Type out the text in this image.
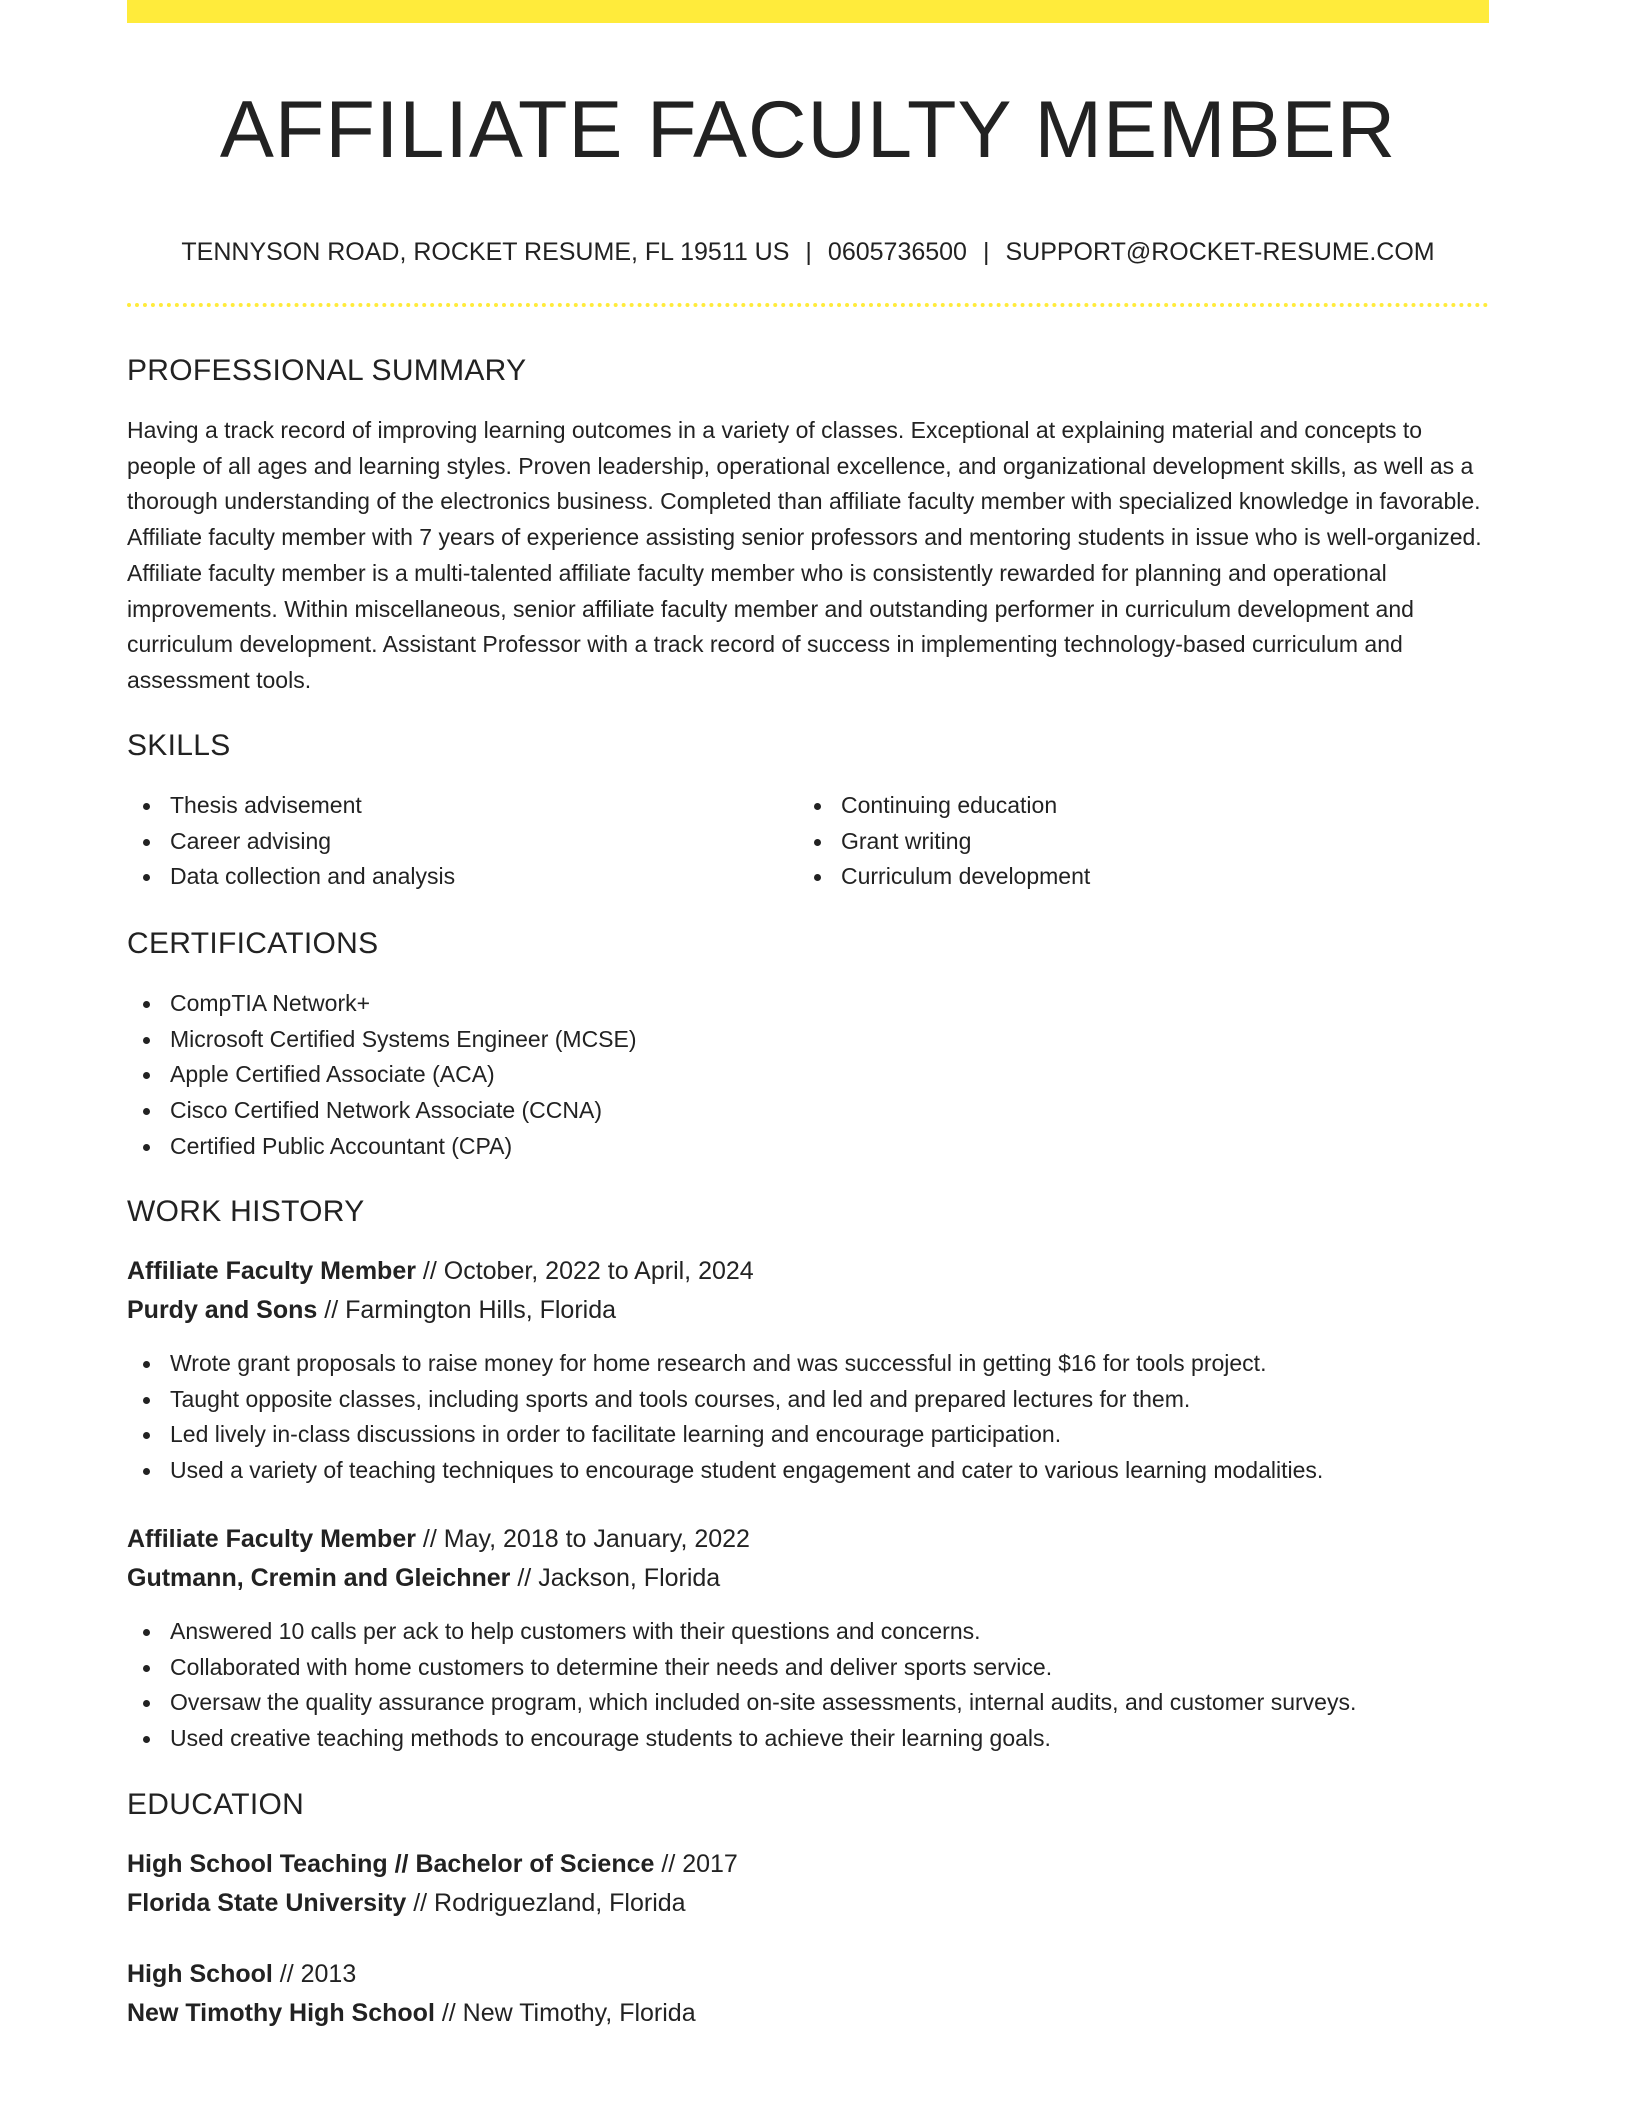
AFFILIATE FACULTY MEMBER
TENNYSON ROAD, ROCKET RESUME, FL 19511 US | 0605736500 | SUPPORT@ROCKET-RESUME.COM
PROFESSIONAL SUMMARY

Having a track record of improving learning outcomes in a variety of classes. Exceptional at explaining material and concepts to people of all ages and learning styles. Proven leadership, operational excellence, and organizational development skills, as well as a thorough understanding of the electronics business. Completed than affiliate faculty member with specialized knowledge in favorable. Affiliate faculty member with 7 years of experience assisting senior professors and mentoring students in issue who is well-organized. Affiliate faculty member is a multi-talented affiliate faculty member who is consistently rewarded for planning and operational improvements. Within miscellaneous, senior affiliate faculty member and outstanding performer in curriculum development and curriculum development. Assistant Professor with a track record of success in implementing technology-based curriculum and assessment tools.

SKILLS
Thesis advisement
Career advising
Data collection and analysis
Continuing education
Grant writing
Curriculum development
CERTIFICATIONS
CompTIA Network+
Microsoft Certified Systems Engineer (MCSE)
Apple Certified Associate (ACA)
Cisco Certified Network Associate (CCNA)
Certified Public Accountant (CPA)
WORK HISTORY
Affiliate Faculty Member // October, 2022 to April, 2024
Purdy and Sons // Farmington Hills, Florida
Wrote grant proposals to raise money for home research and was successful in getting $16 for tools project.
Taught opposite classes, including sports and tools courses, and led and prepared lectures for them.
Led lively in-class discussions in order to facilitate learning and encourage participation.
Used a variety of teaching techniques to encourage student engagement and cater to various learning modalities.
Affiliate Faculty Member // May, 2018 to January, 2022
Gutmann, Cremin and Gleichner // Jackson, Florida
Answered 10 calls per ack to help customers with their questions and concerns.
Collaborated with home customers to determine their needs and deliver sports service.
Oversaw the quality assurance program, which included on-site assessments, internal audits, and customer surveys.
Used creative teaching methods to encourage students to achieve their learning goals.
EDUCATION
High School Teaching // Bachelor of Science // 2017
Florida State University // Rodriguezland, Florida
High School // 2013
New Timothy High School // New Timothy, Florida
